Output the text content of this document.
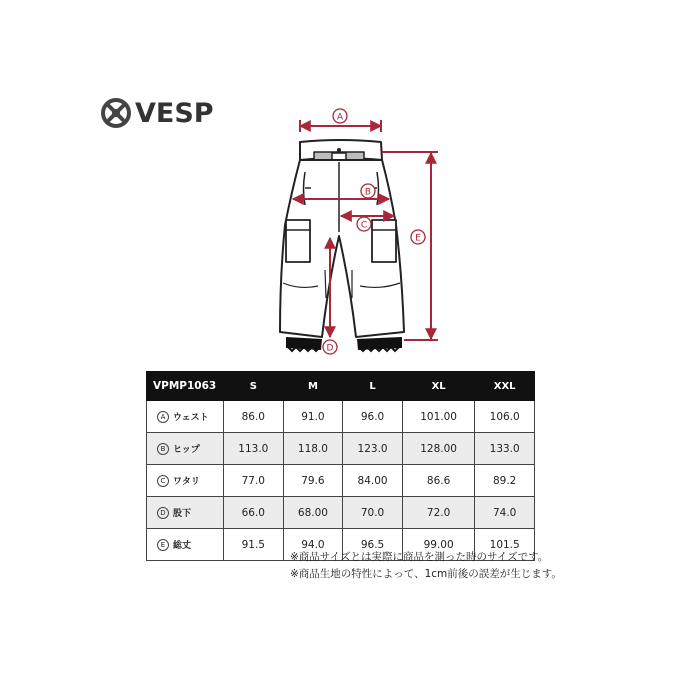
VESP	A
B
C
D
E
VPMP1063	S	M	L	XL	XXL
A ウェスト	86.0	91.0	96.0	101.00	106.0
B ヒップ	113.0	118.0	123.0	128.00	133.0
C ワタリ	77.0	79.6	84.00	86.6	89.2
D 股下	66.0	68.00	70.0	72.0	74.0
E 総丈	91.5	94.0	96.5	99.00	101.5
※商品サイズとは実際に商品を測った時のサイズです。
※商品生地の特性によって、1cm前後の誤差が生じます。
